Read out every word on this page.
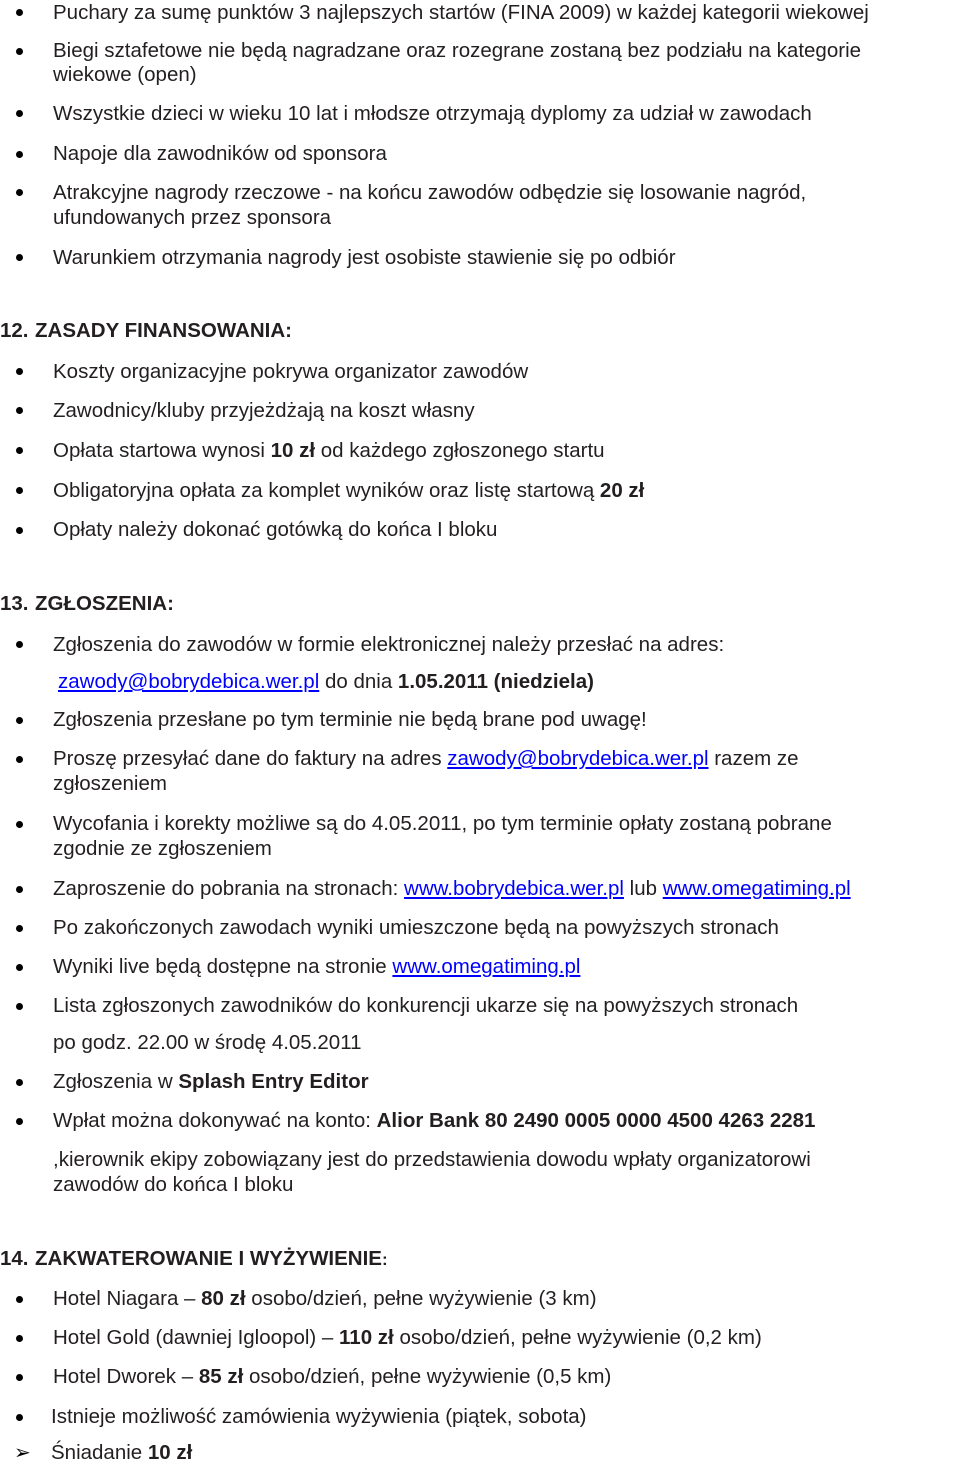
Puchary za sumę punktów 3 najlepszych startów (FINA 2009) w każdej kategorii wiekowej
Biegi sztafetowe nie będą nagradzane oraz rozegrane zostaną bez podziału na kategorie
wiekowe (open)
Wszystkie dzieci w wieku 10 lat i młodsze otrzymają dyplomy za udział w zawodach
Napoje dla zawodników od sponsora
Atrakcyjne nagrody rzeczowe - na końcu zawodów odbędzie się losowanie nagród,
ufundowanych przez sponsora
Warunkiem otrzymania nagrody jest osobiste stawienie się po odbiór
12. ZASADY FINANSOWANIA:
Koszty organizacyjne pokrywa organizator zawodów
Zawodnicy/kluby przyjeżdżają na koszt własny
Opłata startowa wynosi 10 zł od każdego zgłoszonego startu
Obligatoryjna opłata za komplet wyników oraz listę startową 20 zł
Opłaty należy dokonać gotówką do końca I bloku
13. ZGŁOSZENIA:
Zgłoszenia do zawodów w formie elektronicznej należy przesłać na adres:
zawody@bobrydebica.wer.pl do dnia 1.05.2011 (niedziela)
Zgłoszenia przesłane po tym terminie nie będą brane pod uwagę!
Proszę przesyłać dane do faktury na adres zawody@bobrydebica.wer.pl razem ze
zgłoszeniem
Wycofania i korekty możliwe są do 4.05.2011, po tym terminie opłaty zostaną pobrane
zgodnie ze zgłoszeniem
Zaproszenie do pobrania na stronach: www.bobrydebica.wer.pl lub www.omegatiming.pl
Po zakończonych zawodach wyniki umieszczone będą na powyższych stronach
Wyniki live będą dostępne na stronie www.omegatiming.pl
Lista zgłoszonych zawodników do konkurencji ukarze się na powyższych stronach
po godz. 22.00 w środę 4.05.2011
Zgłoszenia w Splash Entry Editor
Wpłat można dokonywać na konto: Alior Bank 80 2490 0005 0000 4500 4263 2281
,kierownik ekipy zobowiązany jest do przedstawienia dowodu wpłaty organizatorowi
zawodów do końca I bloku
14. ZAKWATEROWANIE I WYŻYWIENIE:
Hotel Niagara – 80 zł osobo/dzień, pełne wyżywienie (3 km)
Hotel Gold (dawniej Igloopol) – 110 zł osobo/dzień, pełne wyżywienie (0,2 km)
Hotel Dworek – 85 zł osobo/dzień, pełne wyżywienie (0,5 km)
Istnieje możliwość zamówienia wyżywienia (piątek, sobota)
➢ Śniadanie 10 zł
